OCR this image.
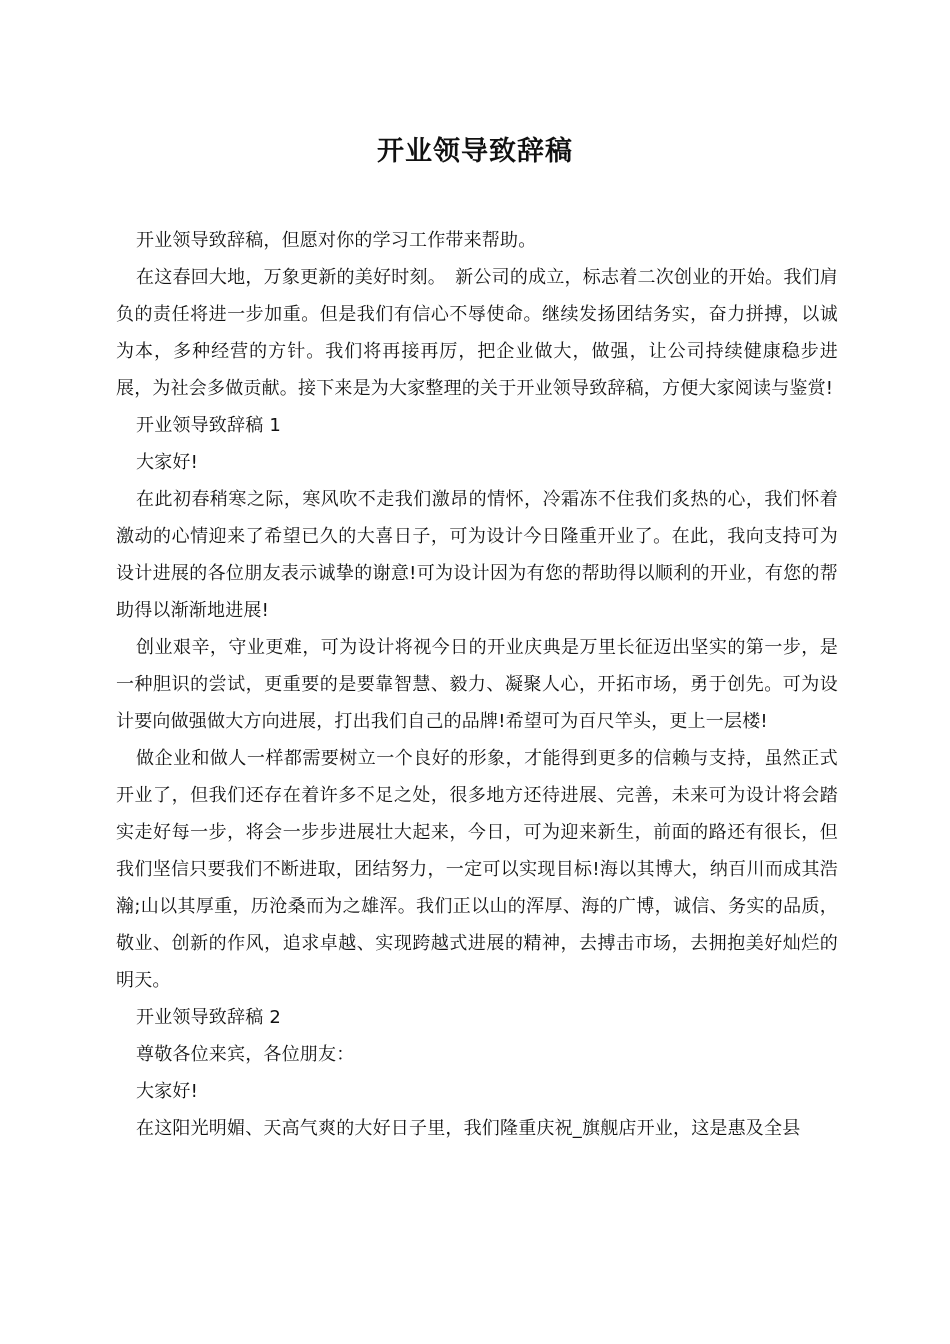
开业领导致辞稿

开业领导致辞稿，但愿对你的学习工作带来帮助。

在这春回大地，万象更新的美好时刻。　新公司的成立，标志着二次创业的开始。我们肩负的责任将进一步加重。但是我们有信心不辱使命。继续发扬团结务实，奋力拼搏，以诚为本，多种经营的方针。我们将再接再厉，把企业做大，做强，让公司持续健康稳步进展，为社会多做贡献。接下来是为大家整理的关于开业领导致辞稿，方便大家阅读与鉴赏!

开业领导致辞稿 1

大家好!

在此初春稍寒之际，寒风吹不走我们激昂的情怀，冷霜冻不住我们炙热的心，我们怀着激动的心情迎来了希望已久的大喜日子，可为设计今日隆重开业了。在此，我向支持可为设计进展的各位朋友表示诚挚的谢意!可为设计因为有您的帮助得以顺利的开业，有您的帮助得以渐渐地进展!

创业艰辛，守业更难，可为设计将视今日的开业庆典是万里长征迈出坚实的第一步，是一种胆识的尝试，更重要的是要靠智慧、毅力、凝聚人心，开拓市场，勇于创先。可为设计要向做强做大方向进展，打出我们自己的品牌!希望可为百尺竿头，更上一层楼!

做企业和做人一样都需要树立一个良好的形象，才能得到更多的信赖与支持，虽然正式开业了，但我们还存在着许多不足之处，很多地方还待进展、完善，未来可为设计将会踏实走好每一步，将会一步步进展壮大起来，今日，可为迎来新生，前面的路还有很长，但我们坚信只要我们不断进取，团结努力，一定可以实现目标!海以其博大，纳百川而成其浩瀚;山以其厚重，历沧桑而为之雄浑。我们正以山的浑厚、海的广博，诚信、务实的品质，敬业、创新的作风，追求卓越、实现跨越式进展的精神，去搏击市场，去拥抱美好灿烂的明天。

开业领导致辞稿 2

尊敬各位来宾，各位朋友：

大家好!

在这阳光明媚、天高气爽的大好日子里，我们隆重庆祝_旗舰店开业，这是惠及全县
